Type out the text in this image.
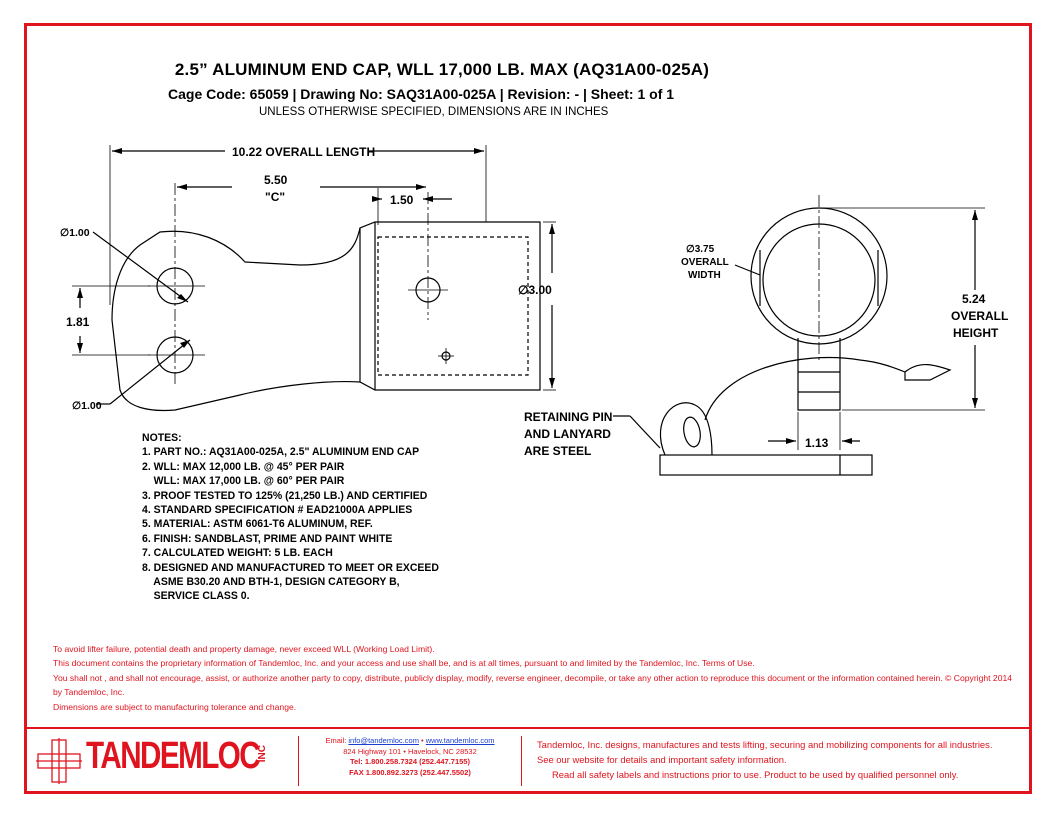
2.5” ALUMINUM END CAP, WLL 17,000 LB. MAX (AQ31A00-025A)
Cage Code: 65059 | Drawing No: SAQ31A00-025A | Revision: - | Sheet: 1 of 1
UNLESS OTHERWISE SPECIFIED, DIMENSIONS ARE IN INCHES
10.22 OVERALL LENGTH
5.50
"C"	1.50
∅1.00
∅1.00
1.81
∅3.00
∅3.75
OVERALL
WIDTH
5.24
OVERALL
HEIGHT
1.13
RETAINING PIN
AND LANYARD
ARE STEEL
NOTES:
1. PART NO.: AQ31A00-025A, 2.5" ALUMINUM END CAP
2. WLL: MAX 12,000 LB. @ 45° PER PAIR
WLL: MAX 17,000 LB. @ 60° PER PAIR
3. PROOF TESTED TO 125% (21,250 LB.) AND CERTIFIED
4. STANDARD SPECIFICATION # EAD21000A APPLIES
5. MATERIAL: ASTM 6061-T6 ALUMINUM, REF.
6. FINISH: SANDBLAST, PRIME AND PAINT WHITE
7. CALCULATED WEIGHT: 5 LB. EACH
8. DESIGNED AND MANUFACTURED TO MEET OR EXCEED
ASME B30.20 AND BTH-1, DESIGN CATEGORY B,
SERVICE CLASS 0.

To avoid lifter failure, potential death and property damage, never exceed WLL (Working Load Limit).

This document contains the proprietary information of Tandemloc, Inc. and your access and use shall be, and is at all times, pursuant to and limited by the Tandemloc, Inc. Terms of Use.

You shall not , and shall not encourage, assist, or authorize another party to copy, distribute, publicly display, modify, reverse engineer, decompile, or take any other action to reproduce this document or the information contained herein. © Copyright 2014 by Tandemloc, Inc.

Dimensions are subject to manufacturing tolerance and change.

TANDEMLOC
INC
Email: info@tandemloc.com • www.tandemloc.com
824 Highway 101 • Havelock, NC 28532
Tel: 1.800.258.7324 (252.447.7155)
FAX 1.800.892.3273 (252.447.5502)

Tandemloc, Inc. designs, manufactures and tests lifting, securing and mobilizing components for all industries. See our website for details and important safety information.

Read all safety labels and instructions prior to use. Product to be used by qualified personnel only.
